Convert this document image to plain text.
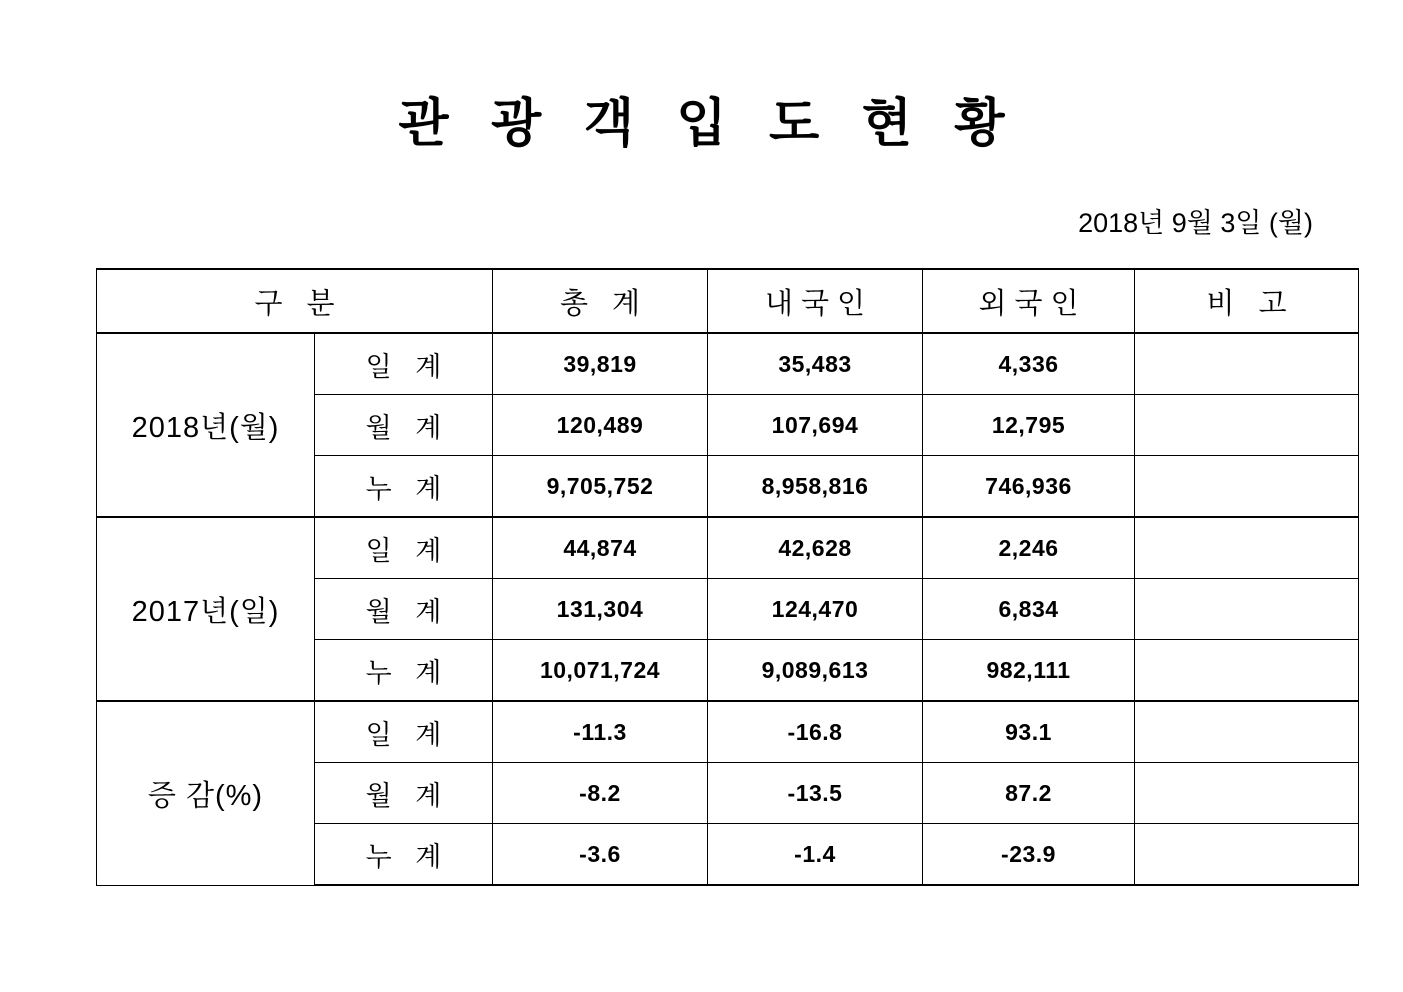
관 광 객 입 도 현 황
2018년 9월 3일 (월)
구 분		총 계	내국인	외국인	비 고
2018년(월)	일 계	39,819	35,483	4,336	
	월 계	120,489	107,694	12,795	
	누 계	9,705,752	8,958,816	746,936	
2017년(일)	일 계	44,874	42,628	2,246	
	월 계	131,304	124,470	6,834	
	누 계	10,071,724	9,089,613	982,111	
증 감(%)	일 계	-11.3	-16.8	93.1	
	월 계	-8.2	-13.5	87.2	
	누 계	-3.6	-1.4	-23.9	
